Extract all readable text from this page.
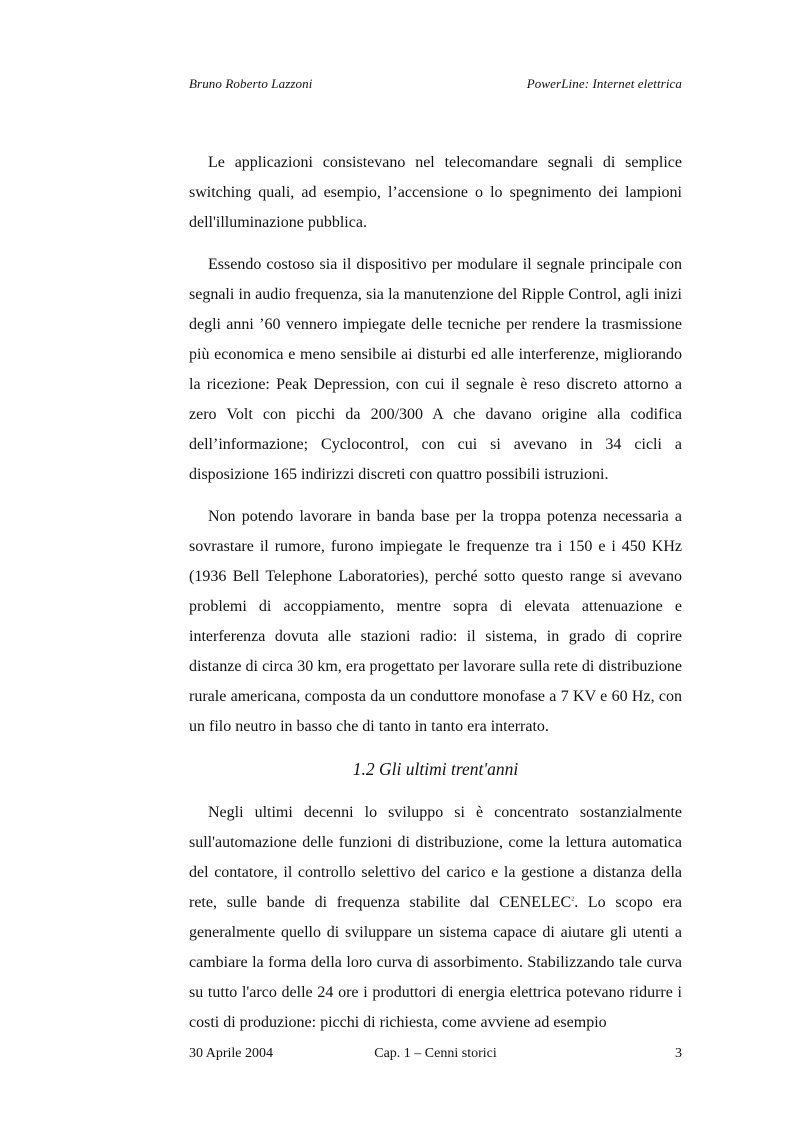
Bruno Roberto Lazzoni	PowerLine: Internet elettrica

Le applicazioni consistevano nel telecomandare segnali di semplice switching quali, ad esempio, l’accensione o lo spegnimento dei lampioni dell'illuminazione pubblica.

Essendo costoso sia il dispositivo per modulare il segnale principale con segnali in audio frequenza, sia la manutenzione del Ripple Control, agli inizi degli anni ’60 vennero impiegate delle tecniche per rendere la trasmissione più economica e meno sensibile ai disturbi ed alle interferenze, migliorando la ricezione: Peak Depression, con cui il segnale è reso discreto attorno a zero Volt con picchi da 200/300 A che davano origine alla codifica dell’informazione; Cyclocontrol, con cui si avevano in 34 cicli a disposizione 165 indirizzi discreti con quattro possibili istruzioni.

Non potendo lavorare in banda base per la troppa potenza necessaria a sovrastare il rumore, furono impiegate le frequenze tra i 150 e i 450 KHz (1936 Bell Telephone Laboratories), perché sotto questo range si avevano problemi di accoppiamento, mentre sopra di elevata attenuazione e interferenza dovuta alle stazioni radio: il sistema, in grado di coprire distanze di circa 30 km, era progettato per lavorare sulla rete di distribuzione rurale americana, composta da un conduttore monofase a 7 KV e 60 Hz, con un filo neutro in basso che di tanto in tanto era interrato.

1.2 Gli ultimi trent'anni

Negli ultimi decenni lo sviluppo si è concentrato sostanzialmente sull'automazione delle funzioni di distribuzione, come la lettura automatica del contatore, il controllo selettivo del carico e la gestione a distanza della rete, sulle bande di frequenza stabilite dal CENELEC$^2$. Lo scopo era generalmente quello di sviluppare un sistema capace di aiutare gli utenti a cambiare la forma della loro curva di assorbimento. Stabilizzando tale curva su tutto l'arco delle 24 ore i produttori di energia elettrica potevano ridurre i costi di produzione: picchi di richiesta, come avviene ad esempio

30 Aprile 2004	Cap. 1 – Cenni storici	3
